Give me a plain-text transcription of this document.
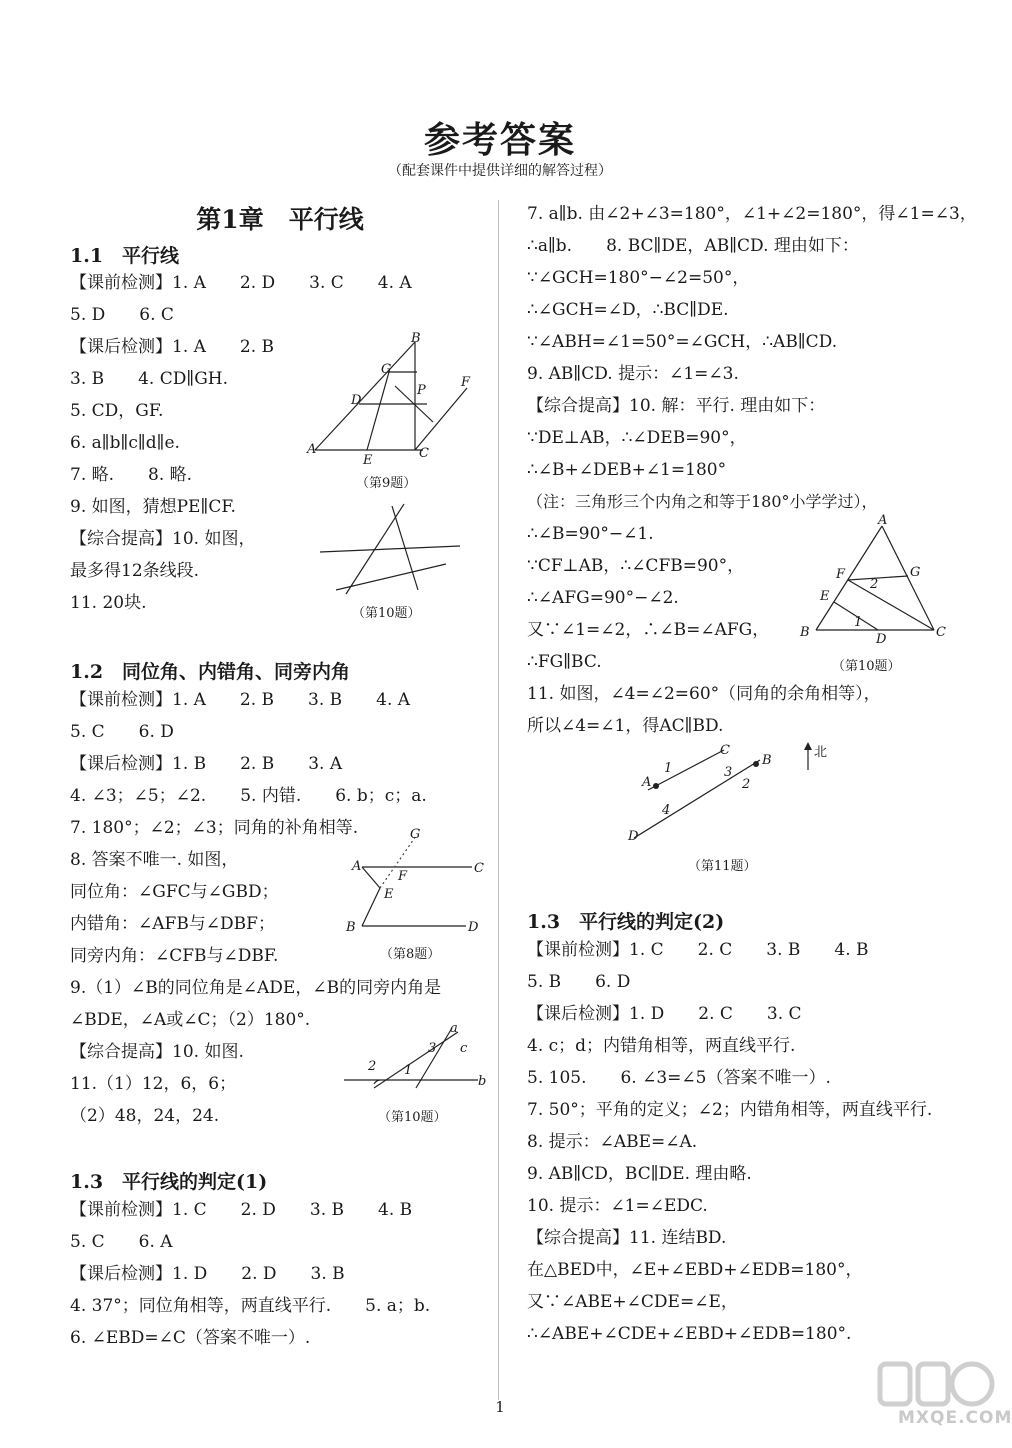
参考答案
（配套课件中提供详细的解答过程）
第1章　平行线
1.1　平行线
【课前检测】1. A　　2. D　　3. C　　4. A
5. D　　6. C
【课后检测】1. A　　2. B
3. B　　4. CD∥GH.
5. CD，GF.
6. a∥b∥c∥d∥e.
7. 略.　　8. 略.
9. 如图，猜想PE∥CF.
【综合提高】10. 如图，
最多得12条线段.
11. 20块.
1.2　同位角、内错角、同旁内角
【课前检测】1. A　　2. B　　3. B　　4. A
5. C　　6. D
【课后检测】1. B　　2. B　　3. A
4. ∠3；∠5；∠2.　　5. 内错.　　6. b；c；a.
7. 180°；∠2；∠3；同角的补角相等.
8. 答案不唯一. 如图，
同位角：∠GFC与∠GBD；
内错角：∠AFB与∠DBF；
同旁内角：∠CFB与∠DBF.
9.（1）∠B的同位角是∠ADE，∠B的同旁内角是
∠BDE，∠A或∠C；（2）180°.
【综合提高】10. 如图.
11.（1）12，6，6；
（2）48，24，24.
1.3　平行线的判定(1)
【课前检测】1. C　　2. D　　3. B　　4. B
5. C　　6. A
【课后检测】1. D　　2. D　　3. B
4. 37°；同位角相等，两直线平行.　　5. a；b.
6. ∠EBD=∠C（答案不唯一）.
7. a∥b. 由∠2+∠3=180°，∠1+∠2=180°，得∠1=∠3，
∴a∥b.　　8. BC∥DE，AB∥CD. 理由如下：
∵∠GCH=180°−∠2=50°，
∴∠GCH=∠D，∴BC∥DE.
∵∠ABH=∠1=50°=∠GCH，∴AB∥CD.
9. AB∥CD. 提示：∠1=∠3.
【综合提高】10. 解：平行. 理由如下：
∵DE⊥AB，∴∠DEB=90°，
∴∠B+∠DEB+∠1=180°
（注：三角形三个内角之和等于180°小学学过），
∴∠B=90°−∠1.
∵CF⊥AB，∴∠CFB=90°，
∴∠AFG=90°−∠2.
又∵∠1=∠2，∴∠B=∠AFG，
∴FG∥BC.
11. 如图，∠4=∠2=60°（同角的余角相等），
所以∠4=∠1，得AC∥BD.
1.3　平行线的判定(2)
【课前检测】1. C　　2. C　　3. B　　4. B
5. B　　6. D
【课后检测】1. D　　2. C　　3. C
4. c；d；内错角相等，两直线平行.
5. 105.　　6. ∠3=∠5（答案不唯一）.
7. 50°；平角的定义；∠2；内错角相等，两直线平行.
8. 提示：∠ABE=∠A.
9. AB∥CD，BC∥DE. 理由略.
10. 提示：∠1=∠EDC.
【综合提高】11. 连结BD.
在△BED中，∠E+∠EBD+∠EDB=180°，
又∵∠ABE+∠CDE=∠E，
∴∠ABE+∠CDE+∠EBD+∠EDB=180°.
B
G
P
F
D
A
E	C
（第9题）
（第10题）
G
A	C
F
E
B	D
（第8题）
a
c
3
2 1
b
（第10题）
A
F
2
G
E
1
B	D	C
（第10题）
C
B
A
1	3
2
4
D
北
（第11题）
1
MXQE.COM
